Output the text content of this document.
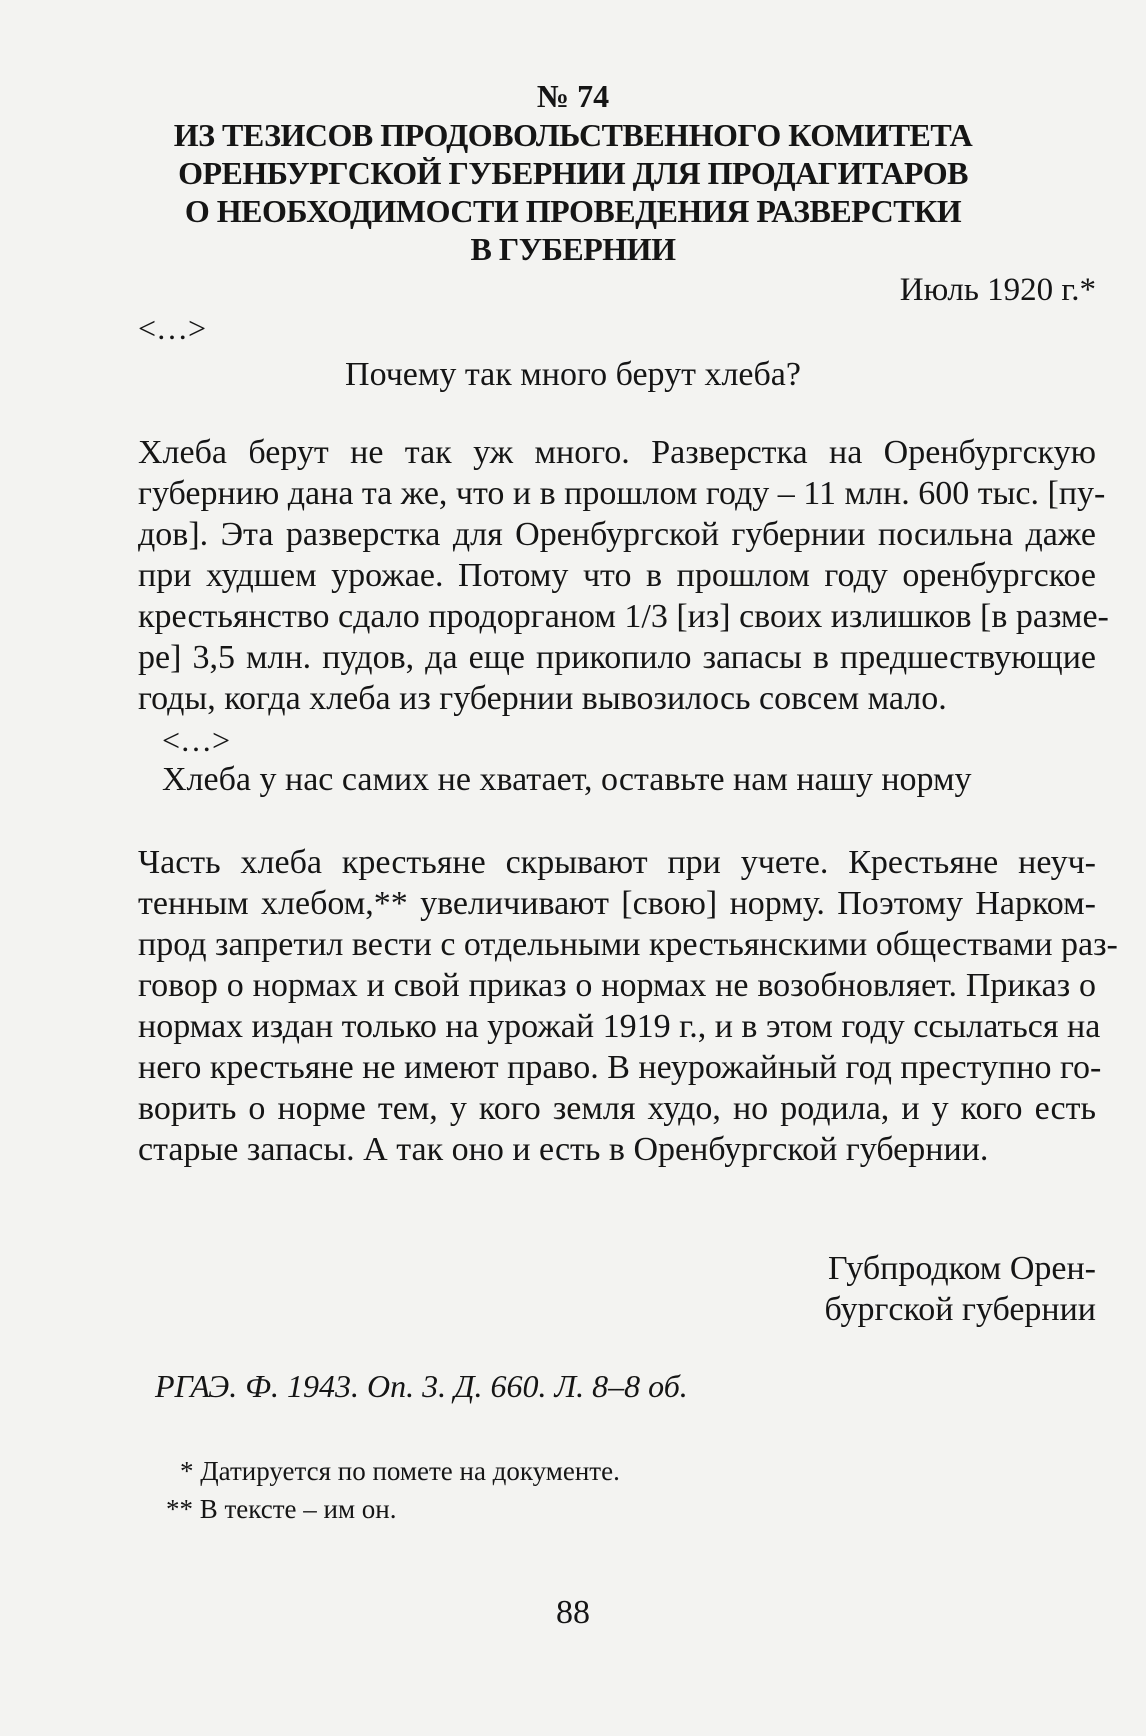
№ 74
ИЗ ТЕЗИСОВ ПРОДОВОЛЬСТВЕННОГО КОМИТЕТА
ОРЕНБУРГСКОЙ ГУБЕРНИИ ДЛЯ ПРОДАГИТАРОВ
О НЕОБХОДИМОСТИ ПРОВЕДЕНИЯ РАЗВЕРСТКИ
В ГУБЕРНИИ
Июль 1920 г.*
<…>
Почему так много берут хлеба?
Хлеба берут не так уж много. Разверстка на Оренбургскую
губернию дана та же, что и в прошлом году – 11 млн. 600 тыс. [пу-
дов]. Эта разверстка для Оренбургской губернии посильна даже
при худшем урожае. Потому что в прошлом году оренбургское
крестьянство сдало продорганом 1/3 [из] своих излишков [в разме-
ре] 3,5 млн. пудов, да еще прикопило запасы в предшествующие
годы, когда хлеба из губернии вывозилось совсем мало.
<…>
Хлеба у нас самих не хватает, оставьте нам нашу норму
Часть хлеба крестьяне скрывают при учете. Крестьяне неуч-
тенным хлебом,** увеличивают [свою] норму. Поэтому Нарком-
прод запретил вести с отдельными крестьянскими обществами раз-
говор о нормах и свой приказ о нормах не возобновляет. Приказ о
нормах издан только на урожай 1919 г., и в этом году ссылаться на
него крестьяне не имеют право. В неурожайный год преступно го-
ворить о норме тем, у кого земля худо, но родила, и у кого есть
старые запасы. А так оно и есть в Оренбургской губернии.
Губпродком Орен-
бургской губернии
РГАЭ. Ф. 1943. Оп. 3. Д. 660. Л. 8–8 об.
* Датируется по помете на документе.
** В тексте – им он.
88
